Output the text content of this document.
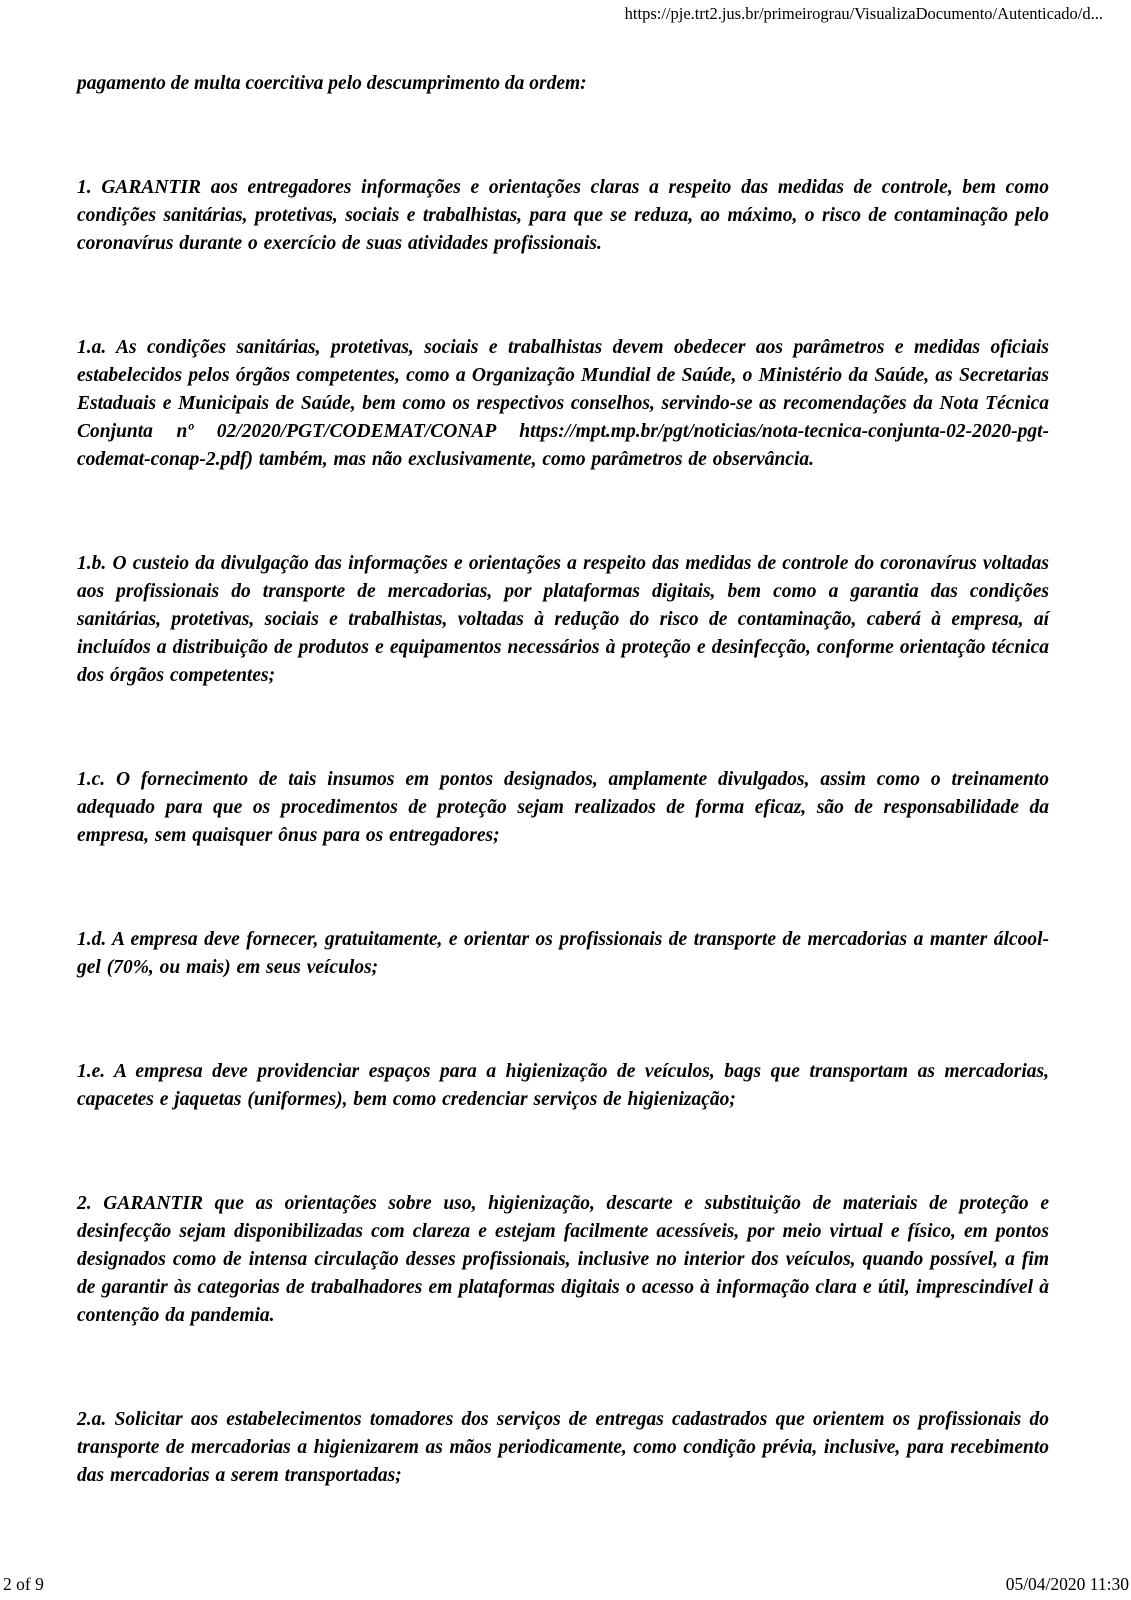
https://pje.trt2.jus.br/primeirograu/VisualizaDocumento/Autenticado/d...

pagamento de multa coercitiva pelo descumprimento da ordem:

1. GARANTIR aos entregadores informações e orientações claras a respeito das medidas de controle, bem como condições sanitárias, protetivas, sociais e trabalhistas, para que se reduza, ao máximo, o risco de contaminação pelo coronavírus durante o exercício de suas atividades profissionais.

1.a. As condições sanitárias, protetivas, sociais e trabalhistas devem obedecer aos parâmetros e medidas oficiais estabelecidos pelos órgãos competentes, como a Organização Mundial de Saúde, o Ministério da Saúde, as Secretarias Estaduais e Municipais de Saúde, bem como os respectivos conselhos, servindo-se as recomendações da Nota Técnica Conjunta nº 02/2020/PGT/CODEMAT/CONAP https://mpt.mp.br/pgt/noticias/nota-tecnica-conjunta-02-2020-pgt-codemat-conap-2.pdf) também, mas não exclusivamente, como parâmetros de observância.

1.b. O custeio da divulgação das informações e orientações a respeito das medidas de controle do coronavírus voltadas aos profissionais do transporte de mercadorias, por plataformas digitais, bem como a garantia das condições sanitárias, protetivas, sociais e trabalhistas, voltadas à redução do risco de contaminação, caberá à empresa, aí incluídos a distribuição de produtos e equipamentos necessários à proteção e desinfecção, conforme orientação técnica dos órgãos competentes;

1.c. O fornecimento de tais insumos em pontos designados, amplamente divulgados, assim como o treinamento adequado para que os procedimentos de proteção sejam realizados de forma eficaz, são de responsabilidade da empresa, sem quaisquer ônus para os entregadores;

1.d. A empresa deve fornecer, gratuitamente, e orientar os profissionais de transporte de mercadorias a manter álcool-gel (70%, ou mais) em seus veículos;

1.e. A empresa deve providenciar espaços para a higienização de veículos, bags que transportam as mercadorias, capacetes e jaquetas (uniformes), bem como credenciar serviços de higienização;

2. GARANTIR que as orientações sobre uso, higienização, descarte e substituição de materiais de proteção e desinfecção sejam disponibilizadas com clareza e estejam facilmente acessíveis, por meio virtual e físico, em pontos designados como de intensa circulação desses profissionais, inclusive no interior dos veículos, quando possível, a fim de garantir às categorias de trabalhadores em plataformas digitais o acesso à informação clara e útil, imprescindível à contenção da pandemia.

2.a. Solicitar aos estabelecimentos tomadores dos serviços de entregas cadastrados que orientem os profissionais do transporte de mercadorias a higienizarem as mãos periodicamente, como condição prévia, inclusive, para recebimento das mercadorias a serem transportadas;

2 of 9	05/04/2020 11:30
